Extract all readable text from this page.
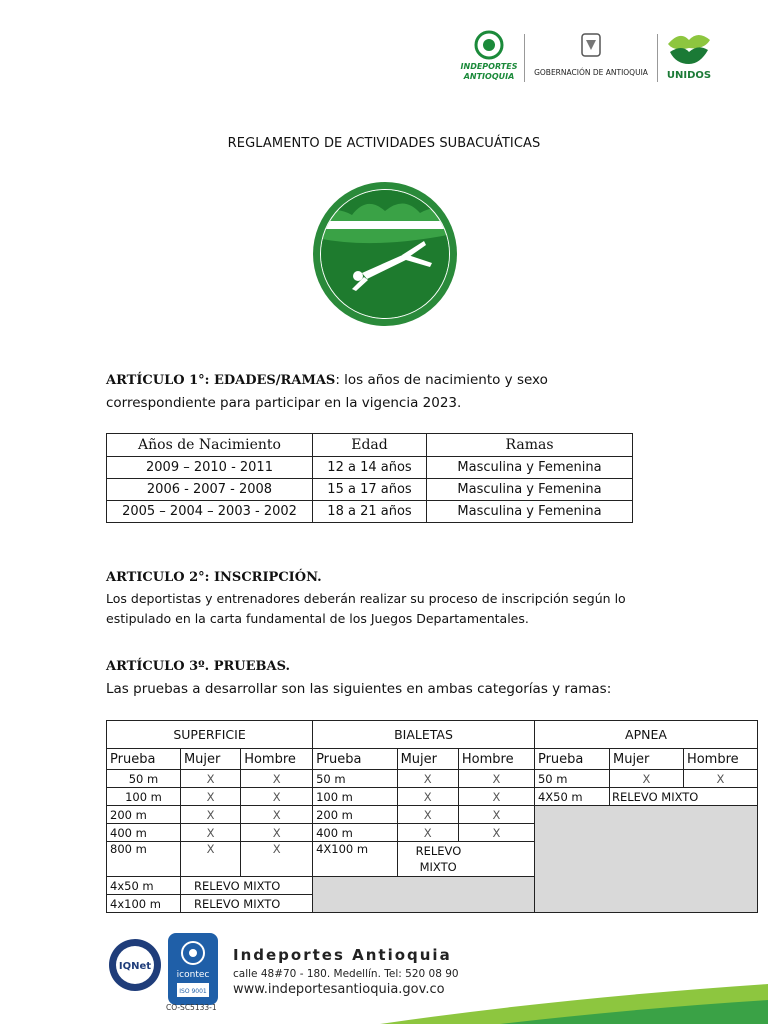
INDEPORTES
ANTIOQUIA	GOBERNACIÓN DE ANTIOQUIA	UNIDOS
REGLAMENTO DE ACTIVIDADES SUBACUÁTICAS
ARTÍCULO 1°: EDADES/RAMAS: los años de nacimiento y sexo
correspondiente para participar en la vigencia 2023.
Años de Nacimiento	Edad	Ramas
2009 – 2010 - 2011	12 a 14 años	Masculina y Femenina
2006 - 2007 - 2008	15 a 17 años	Masculina y Femenina
2005 – 2004 – 2003 - 2002	18 a 21 años	Masculina y Femenina
ARTICULO 2°: INSCRIPCIÓN.
Los deportistas y entrenadores deberán realizar su proceso de inscripción según lo
estipulado en la carta fundamental de los Juegos Departamentales.
ARTÍCULO 3º. PRUEBAS.
Las pruebas a desarrollar son las siguientes en ambas categorías y ramas:
SUPERFICIE			BIALETAS			APNEA		
Prueba	Mujer	Hombre	Prueba	Mujer	Hombre	Prueba	Mujer	Hombre
50 m	X	X	50 m	X	X	50 m	X	X
100 m	X	X	100 m	X	X	4X50 m	RELEVO MIXTO	
200 m	X	X	200 m	X	X			
400 m	X	X	400 m	X	X			
800 m	X	X	4X100 m	RELEVO
MIXTO				
4x50 m	RELEVO MIXTO							
4x100 m	RELEVO MIXTO							
IQNet
icontec
ISO 9001
CO-SC5133-1
Indeportes Antioquia
calle 48#70 - 180. Medellín. Tel: 520 08 90
www.indeportesantioquia.gov.co
